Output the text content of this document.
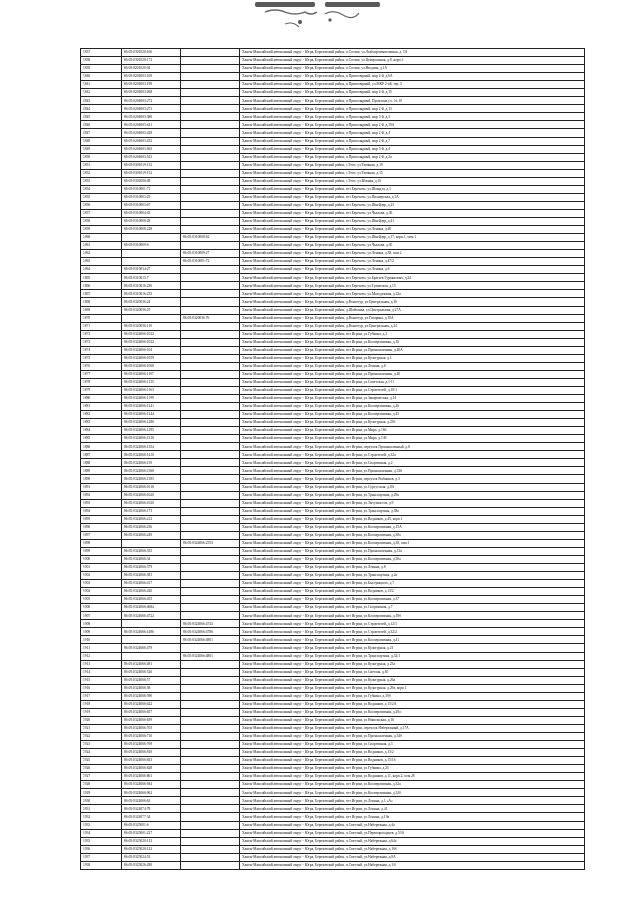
1837	86:05:0301020:166		Ханты-Мансийский автономный округ - Югра, Березовский район, п.Сосьва, ул.Лыбопромышленная, д. 5А
1838	86:05:0301020:172		Ханты-Мансийский автономный округ - Югра, Березовский район, п.Сосьва, ул.Центральная, д.8, корп.1
1839	86:05:0201020:92		Ханты-Мансийский автономный округ - Югра, Березовский район, п.Сосьва, ул.Ягодная, д.1А
1840	86:05:0204003:169		Ханты-Мансийский автономный округ - Югра, Березовский район, п.Приполярный, мкр 2-й, д.6А
1841	86:05:0204003:199		Ханты-Мансийский автономный округ - Югра, Березовский район, п.Приполярный, ул.МКР 2-ой, тер. 5
1842	86:05:0204003:268		Ханты-Мансийский автономный округ - Югра, Березовский район, п.Приполярный, мкр 2-й, д.15
1843	86:05:0204003:272		Ханты-Мансийский автономный округ - Югра, Березовский район, п.Приполярный, Промзона ул., № 10
1844	86:05:0204003:273		Ханты-Мансийский автономный округ - Югра, Березовский район, п.Приполярный, мкр 2-й, д.13
1845	86:05:0204003:380		Ханты-Мансийский автономный округ - Югра, Березовский район, п.Приполярный, мкр 5-й, д.3
1846	86:05:0204003:421		Ханты-Мансийский автономный округ - Югра, Березовский район, п.Приполярный, мкр 2-й, д.10А
1847	86:05:0204003:428		Ханты-Мансийский автономный округ - Югра, Березовский район, п.Приполярный, мкр 2-й, д.4
1848	86:05:0204003:432		Ханты-Мансийский автономный округ - Югра, Березовский район, п.Приполярный, мкр 2-й, д.7
1849	86:05:0204003:465		Ханты-Мансийский автономный округ - Югра, Березовский район, п.Приполярный, мкр 5-й, д.4
1850	86:05:0204003:523		Ханты-Мансийский автономный округ - Югра, Березовский район, п.Приполярный, мкр 2-й, д.2а
1851	86:05:0301019:132		Ханты-Мансийский автономный округ - Югра, Березовский район, с.Теги, ул.Таежная, д.19
1852	86:05:0301019:152		Ханты-Мансийский автономный округ - Югра, Березовский район, с.Теги, ул.Таежная, д.15
1853	86:05:0302006:48		Ханты-Мансийский автономный округ - Югра, Березовский район, с.Теги, ул.Южная, д.16
1854	86:05:0310001:71		Ханты-Мансийский автономный округ - Югра, Березовский район, пгт Березово, ул.Шмидта, д.1
1855	86:05:0310003:25		Ханты-Мансийский автономный округ - Югра, Березовский район, пгт Березово, ул.Пионерская, д.1А
1856	86:05:0310003:67		Ханты-Мансийский автономный округ - Югра, Березовский район, пгт Березово, ул.Шнейдер, д.23
1857	86:05:0310004:43		Ханты-Мансийский автономный округ - Югра, Березовский район, пгт Березово, ул.Чкалова, д.36
1858	86:05:0310008:28		Ханты-Мансийский автономный округ - Югра, Березовский район, пгт Березово, ул.Шнейдер, д.41
1859	86:05:0310008:228		Ханты-Мансийский автономный округ - Югра, Березовский район, пгт Березово, ул.Ленина, д.40
1860		86:05:0310008:62	Ханты-Мансийский автономный округ - Югра, Березовский район, пгт Березово, ул.Шнейдер, д.17, корп.1, пом.1
1861	86:05:0310009:6		Ханты-Мансийский автономный округ - Югра, Березовский район, пгт Березово, ул.Чкалова, д.30
1862		86:05:0310009:27	Ханты-Мансийский автономный округ - Югра, Березовский район, пгт Березово, ул.Ленина, д.38, пом.2
1863		86:05:0310001:72	Ханты-Мансийский автономный округ - Югра, Березовский район, пгт Березово, ул.Ленина, д.47/2
1864	86:05:0310034:27		Ханты-Мансийский автономный округ - Югра, Березовский район, пгт Березово, ул.Ленина, д.6
1865	86:05:0310015:7		Ханты-Мансийский автономный округ - Югра, Березовский район, пгт Березово, ул.Братьев Гурьяновых, д.24
1866	86:05:0310016:230		Ханты-Мансийский автономный округ - Югра, Березовский район, пгт Березово, ул.Тулинская, д.15
1867	86:05:0310016:233		Ханты-Мансийский автономный округ - Югра, Березовский район, пгт Березово, ул.Молодежная, д.22а
1868	86:05:0320036:24		Ханты-Мансийский автономный округ - Югра, Березовский район, д.Вонзетур, ул.Центральная, д.36
1869	86:05:0320036:19		Ханты-Мансийский автономный округ - Югра, Березовский район, д.Шайтанка, ул.Центральная, д.27А
1870		86:05:0320036:76	Ханты-Мансийский автономный округ - Югра, Березовский район, д.Вонзетур, ул.Гагарина, д.10А
1871	86:05:0320036:110		Ханты-Мансийский автономный округ - Югра, Березовский район, д.Вонзетур, ул.Центральная, д.24
1872	86:05:0324066:1022		Ханты-Мансийский автономный округ - Югра, Березовский район, пгт Игрим, ул.Губкина, д.2
1873	86:05:0324066:1022		Ханты-Мансийский автономный округ - Югра, Березовский район, пгт Игрим, ул.Кооперативная, д.16
1874	86:05:0324066:104		Ханты-Мансийский автономный округ - Югра, Березовский район, пгт Игрим, ул.Промышленная, д.40А
1875	86:05:0324066:1059		Ханты-Мансийский автономный округ - Югра, Березовский район, пгт Игрим, ул.Культурная, д.1
1876	86:05:0324066:1068		Ханты-Мансийский автономный округ - Югра, Березовский район, пгт Игрим, ул.Ленина, д.8
1877	86:05:0324066:1107		Ханты-Мансийский автономный округ - Югра, Березовский район, пгт Игрим, ул.Промышленная, д.40
1878	86:05:0324066:1135		Ханты-Мансийский автономный округ - Югра, Березовский район, пгт Игрим, ул.Советская, д.1-О
1879	86:05:0324066:1163		Ханты-Мансийский автономный округ - Югра, Березовский район, пгт Игрим, ул.Строителей, д.10/1
1880	86:05:0324066:1199		Ханты-Мансийский автономный округ - Югра, Березовский район, пгт Игрим, ул.Закарпатская, д.14
1881	86:05:0324066:1241		Ханты-Мансийский автономный округ - Югра, Березовский район, пгт Игрим, ул.Кооперативная, д.26
1882	86:05:0324066:1244		Ханты-Мансийский автономный округ - Югра, Березовский район, пгт Игрим, ул.Кооперативная, д.43
1883	86:05:0324066:1286		Ханты-Мансийский автономный округ - Югра, Березовский район, пгт Игрим, ул.Культурная, д.25б
1884	86:05:0324066:1295		Ханты-Мансийский автономный округ - Югра, Березовский район, пгт Игрим, ул.Мира, д.16б
1885	86:05:0324066:1310		Ханты-Мансийский автономный округ - Югра, Березовский район, пгт Игрим, ул.Мира, д.14б
1886	86:05:0324066:1354		Ханты-Мансийский автономный округ - Югра, Березовский район, пгт Игрим, переулок Промышленный, д.8
1887	86:05:0324066:1410		Ханты-Мансийский автономный округ - Югра, Березовский район, пгт Игрим, ул.Строителей, д.32а
1888	86:05:0324066:159		Ханты-Мансийский автономный округ - Югра, Березовский район, пгт Игрим, ул.Спортивная, д.2
1889	86:05:0324066:1568		Ханты-Мансийский автономный округ - Югра, Березовский район, пгт Игрим, ул.Промышленная, д.336
1890	86:05:0324066:1585		Ханты-Мансийский автономный округ - Югра, Березовский район, пгт Игрим, переулок Рыбников, д.3
1891	86:05:0324066:1616		Ханты-Мансийский автономный округ - Югра, Березовский район, пгт Игрим, ул.Сургутская, д.8А
1892	86:05:0324066:1620		Ханты-Мансийский автономный округ - Югра, Березовский район, пгт Игрим, ул.Транспортная, д.29а
1893	86:05:0324066:1630		Ханты-Мансийский автономный округ - Югра, Березовский район, пгт Игрим, ул.Энтузиастов, д.9
1894	86:05:0324066:173		Ханты-Мансийский автономный округ - Югра, Березовский район, пгт Игрим, ул.Транспортная, д.38а
1895	86:05:0324066:212		Ханты-Мансийский автономный округ - Югра, Березовский район, пгт Игрим, ул.Водников, д.45, корп.1
1896	86:05:0324066:236		Ханты-Мансийский автономный округ - Югра, Березовский район, пгт Игрим, ул.Кооперативная, д.15А
1897	86:05:0324066:249		Ханты-Мансийский автономный округ - Югра, Березовский район, пгт Игрим, ул.Кооперативная, д.30а
1898		86:05:0324066:2553	Ханты-Мансийский автономный округ - Югра, Березовский район, пгт Игрим, ул.Кооперативная, д.30, пом.1
1899	86:05:0324066:335		Ханты-Мансийский автономный округ - Югра, Березовский район, пгт Игрим, ул.Промышленная, д.31а
1900	86:05:0324066:34		Ханты-Мансийский автономный округ - Югра, Березовский район, пгт Игрим, ул.Кооперативная, д.50а
1901	86:05:0324066:379		Ханты-Мансийский автономный округ - Югра, Березовский район, пгт Игрим, ул.Ленина, д.8
1902	86:05:0324066:381		Ханты-Мансийский автономный округ - Югра, Березовский район, пгт Игрим, ул.Транспортная, д.2а
1903	86:05:0324066:417		Ханты-Мансийский автономный округ - Югра, Березовский район, пгт Игрим, ул.Быстрицкого, д.7
1904	86:05:0324066:420		Ханты-Мансийский автономный округ - Югра, Березовский район, пгт Игрим, ул.Водников, д.13/2
1905	86:05:0324066:455		Ханты-Мансийский автономный округ - Югра, Березовский район, пгт Игрим, ул.Кооперативная, д.37
1906	86:05:0324066:4684		Ханты-Мансийский автономный округ - Югра, Березовский район, пгт Игрим, ул.Спортивная, д.7
1907	86:05:0324066:4722		Ханты-Мансийский автономный округ - Югра, Березовский район, пгт Игрим, ул.Кооперативная, д.39б
1908		86:05:0324066:4743	Ханты-Мансийский автономный округ - Югра, Березовский район, пгт Игрим, ул.Строителей, д.12/1
1909	86:05:0324066:1486	86:05:0324066:4786	Ханты-Мансийский автономный округ - Югра, Березовский район, пгт Игрим, ул.Строителей, д.32/2
1910		86:05:0324066:4801	Ханты-Мансийский автономный округ - Югра, Березовский район, пгт Игрим, ул.Кооперативная, д.41
1911	86:05:0324066:479		Ханты-Мансийский автономный округ - Югра, Березовский район, пгт Игрим, ул.Культурная, д.21
1912		86:05:0324066:4801	Ханты-Мансийский автономный округ - Югра, Березовский район, пгт Игрим, ул.Транспортная, д.32/1
1913	86:05:0324066:481		Ханты-Мансийский автономный округ - Югра, Березовский район, пгт Игрим, ул.Культурная, д.23а
1914	86:05:0324066:526		Ханты-Мансийский автономный округ - Югра, Березовский район, пгт Игрим, ул.Светлая, д.65
1915	86:05:0324066:57		Ханты-Мансийский автономный округ - Югра, Березовский район, пгт Игрим, ул.Культурная, д.26а
1916	86:05:0324066:58		Ханты-Мансийский автономный округ - Югра, Березовский район, пгт Игрим, ул.Культурная, д.29а, корп.1
1917	86:05:0324066:590		Ханты-Мансийский автономный округ - Югра, Березовский район, пгт Игрим, ул.Губкина, д.39б
1918	86:05:0324066:622		Ханты-Мансийский автономный округ - Югра, Березовский район, пгт Игрим, ул.Водников, д.15/2А
1919	86:05:0324066:657		Ханты-Мансийский автономный округ - Югра, Березовский район, пгт Игрим, ул.Кооперативная, д.29а
1920	86:05:0324066:659		Ханты-Мансийский автономный округ - Югра, Березовский район, пгт Игрим, ул.Никольская, д.16
1921	86:05:0324066:705		Ханты-Мансийский автономный округ - Югра, Березовский район, пгт Игрим, переулок Набережный, д.17А
1922	86:05:0324066:710		Ханты-Мансийский автономный округ - Югра, Березовский район, пгт Игрим, ул.Промышленная, д.34б
1923	86:05:0324066:769		Ханты-Мансийский автономный округ - Югра, Березовский район, пгт Игрим, ул.Спортивная, д.3
1924	86:05:0324066:810		Ханты-Мансийский автономный округ - Югра, Березовский район, пгт Игрим, ул.Водников, д.13/2
1925	86:05:0324066:823		Ханты-Мансийский автономный округ - Югра, Березовский район, пгт Игрим, ул.Водников, д.15/16
1926	86:05:0324066:828		Ханты-Мансийский автономный округ - Югра, Березовский район, пгт Игрим, ул.Губкина, д.25
1927	86:05:0324066:861		Ханты-Мансийский автономный округ - Югра, Березовский район, пгт Игрим, ул.Водников, д.11, корп.2, пом.28
1928	86:05:0324066:944		Ханты-Мансийский автономный округ - Югра, Березовский район, пгт Игрим, ул.Кооперативная, д.32а
1929	86:05:0324066:962		Ханты-Мансийский автономный округ - Югра, Березовский район, пгт Игрим, ул.Кооперативная, д.32б
1930	86:05:0324066:63		Ханты-Мансийский автономный округ - Югра, Березовский район, пгт Игрим, ул.Ленина, д.1 «А»
1931	86:05:0324074:78		Ханты-Мансийский автономный округ - Югра, Березовский район, пгт Игрим, ул.Ленина, д.41
1932	86:05:0324077:34		Ханты-Мансийский автономный округ - Югра, Березовский район, пгт Игрим, ул.Ленина, д.19а
1933	86:05:0325001:6		Ханты-Мансийский автономный округ - Югра, Березовский район, п.Светлый, ул.Набережная, д.4а
1934	86:05:0325001:227		Ханты-Мансийский автономный округ - Югра, Березовский район, п.Светлый, ул.Первопроходцев, д.53А
1935	86:05:0325020:123		Ханты-Мансийский автономный округ - Югра, Березовский район, п.Светлый, ул.Набережная, д.64а
1936	86:05:0325020:122		Ханты-Мансийский автономный округ - Югра, Березовский район, п.Светлый, ул.Набережная, д.16б
1937	86:05:0325024:53		Ханты-Мансийский автономный округ - Югра, Березовский район, п.Светлый, ул.Набережная, д.8А
1938	86:05:0325026:280		Ханты-Мансийский автономный округ - Югра, Березовский район, п.Светлый, ул.Набережная, д.1/б
